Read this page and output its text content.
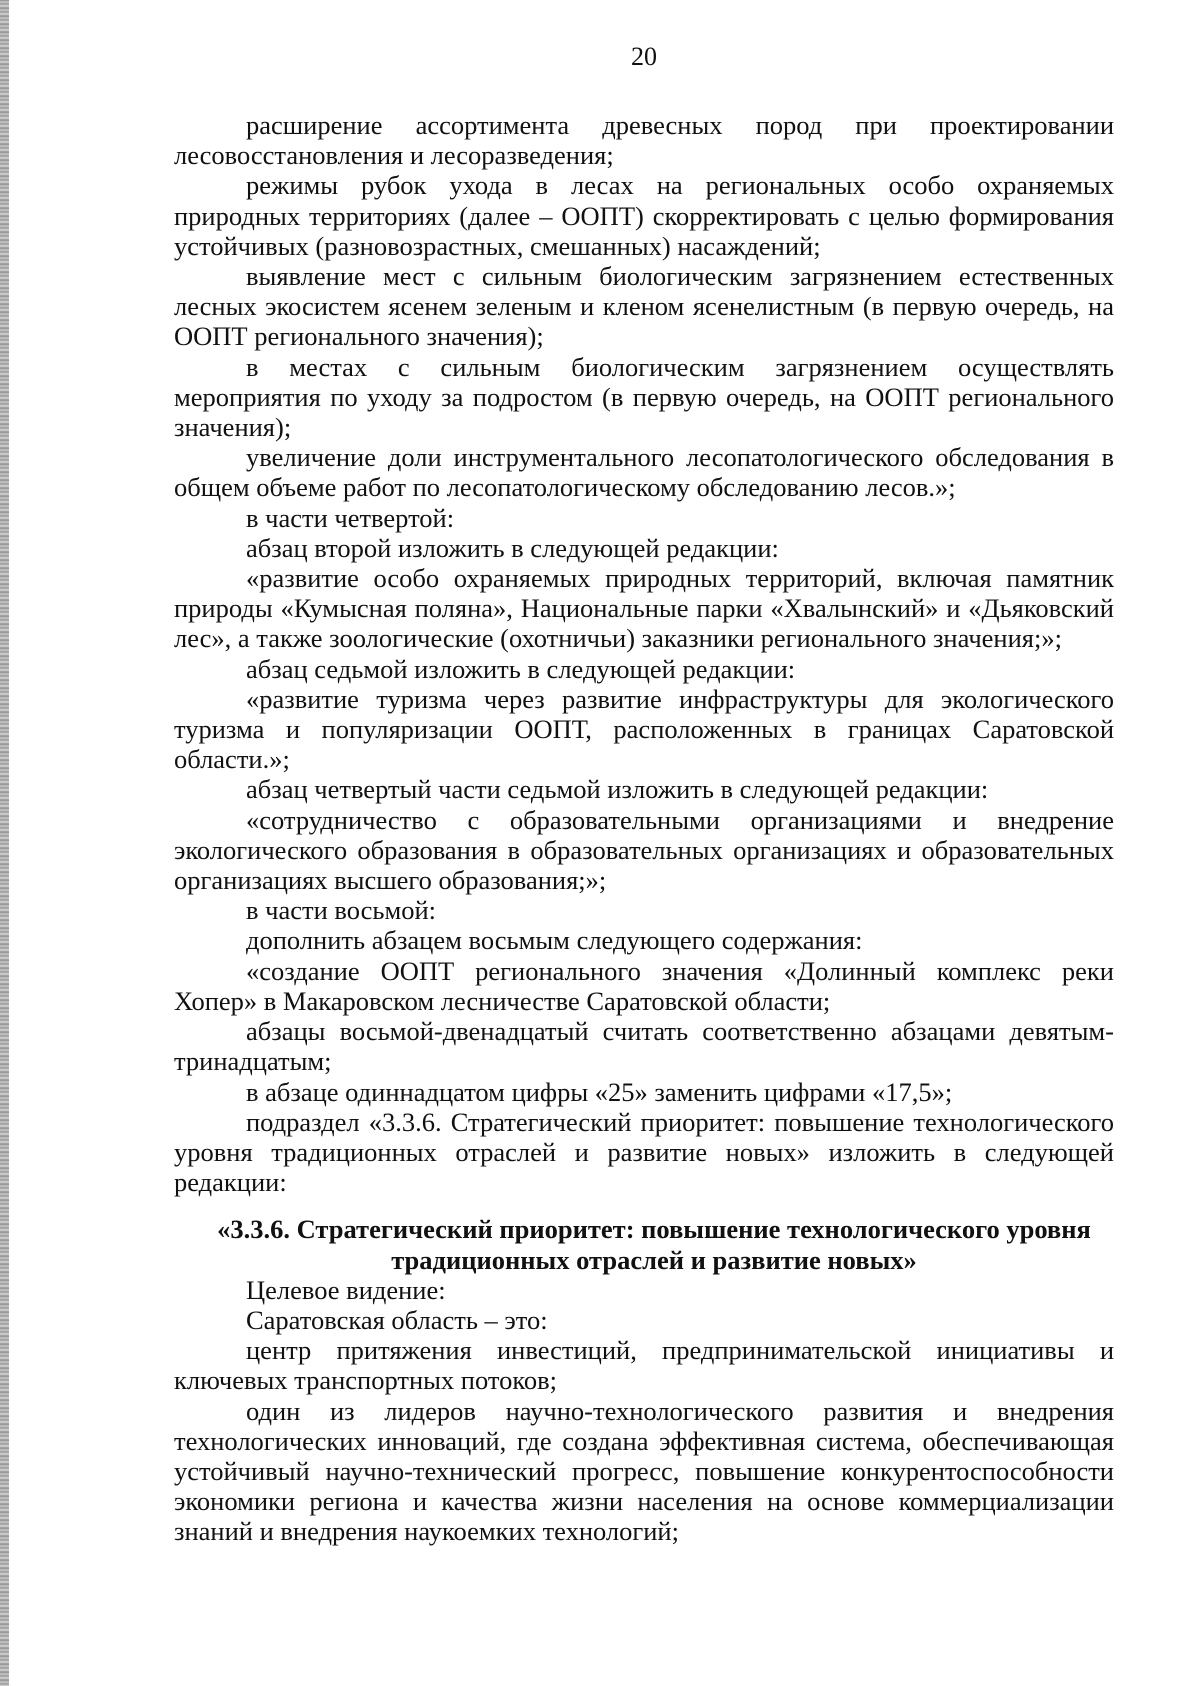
20

расширение ассортимента древесных пород при проектировании лесовосстановления и лесоразведения;

режимы рубок ухода в лесах на региональных особо охраняемых природных территориях (далее – ООПТ) скорректировать с целью формирования устойчивых (разновозрастных, смешанных) насаждений;

выявление мест с сильным биологическим загрязнением естественных лесных экосистем ясенем зеленым и кленом ясенелистным (в первую очередь, на ООПТ регионального значения);

в местах с сильным биологическим загрязнением осуществлять мероприятия по уходу за подростом (в первую очередь, на ООПТ регионального значения);

увеличение доли инструментального лесопатологического обследования в общем объеме работ по лесопатологическому обследованию лесов.»;

в части четвертой:

абзац второй изложить в следующей редакции:

«развитие особо охраняемых природных территорий, включая памятник природы «Кумысная поляна», Национальные парки «Хвалынский» и «Дьяковский лес», а также зоологические (охотничьи) заказники регионального значения;»;

абзац седьмой изложить в следующей редакции:

«развитие туризма через развитие инфраструктуры для экологического туризма и популяризации ООПТ, расположенных в границах Саратовской области.»;

абзац четвертый части седьмой изложить в следующей редакции:

«сотрудничество с образовательными организациями и внедрение экологического образования в образовательных организациях и образовательных организациях высшего образования;»;

в части восьмой:

дополнить абзацем восьмым следующего содержания:

«создание ООПТ регионального значения «Долинный комплекс реки Хопер» в Макаровском лесничестве Саратовской области;

абзацы восьмой-двенадцатый считать соответственно абзацами девятым-тринадцатым;

в абзаце одиннадцатом цифры «25» заменить цифрами «17,5»;

подраздел «3.3.6. Стратегический приоритет: повышение технологического уровня традиционных отраслей и развитие новых» изложить в следующей редакции:

«3.3.6. Стратегический приоритет: повышение технологического уровня традиционных отраслей и развитие новых»

Целевое видение:

Саратовская область – это:

центр притяжения инвестиций, предпринимательской инициативы и ключевых транспортных потоков;

один из лидеров научно-технологического развития и внедрения технологических инноваций, где создана эффективная система, обеспечивающая устойчивый научно-технический прогресс, повышение конкурентоспособности экономики региона и качества жизни населения на основе коммерциализации знаний и внедрения наукоемких технологий;
